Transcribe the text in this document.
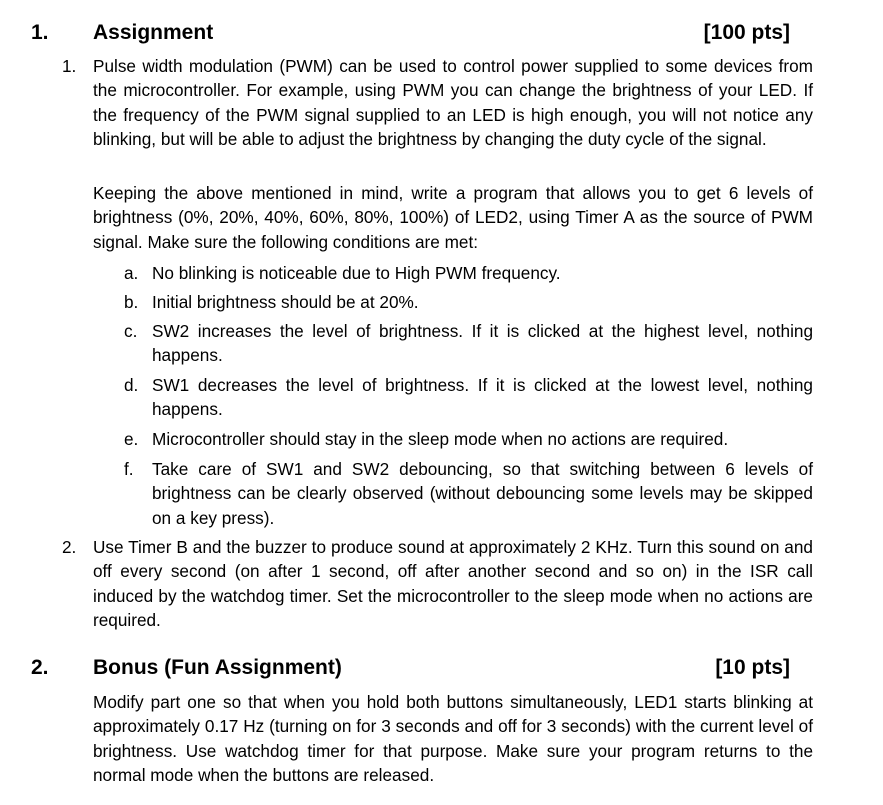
1. Assignment	[100 pts]
1. Pulse width modulation (PWM) can be used to control power supplied to some devices from the microcontroller. For example, using PWM you can change the brightness of your LED. If the frequency of the PWM signal supplied to an LED is high enough, you will not notice any blinking, but will be able to adjust the brightness by changing the duty cycle of the signal.

Keeping the above mentioned in mind, write a program that allows you to get 6 levels of brightness (0%, 20%, 40%, 60%, 80%, 100%) of LED2, using Timer A as the source of PWM signal. Make sure the following conditions are met:

a. No blinking is noticeable due to High PWM frequency.

b. Initial brightness should be at 20%.

c. SW2 increases the level of brightness. If it is clicked at the highest level, nothing happens.

d. SW1 decreases the level of brightness. If it is clicked at the lowest level, nothing happens.

e. Microcontroller should stay in the sleep mode when no actions are required.

f. Take care of SW1 and SW2 debouncing, so that switching between 6 levels of brightness can be clearly observed (without debouncing some levels may be skipped on a key press).

2. Use Timer B and the buzzer to produce sound at approximately 2 KHz. Turn this sound on and off every second (on after 1 second, off after another second and so on) in the ISR call induced by the watchdog timer. Set the microcontroller to the sleep mode when no actions are required.

2. Bonus (Fun Assignment)	[10 pts]

Modify part one so that when you hold both buttons simultaneously, LED1 starts blinking at approximately 0.17 Hz (turning on for 3 seconds and off for 3 seconds) with the current level of brightness. Use watchdog timer for that purpose. Make sure your program returns to the normal mode when the buttons are released.
